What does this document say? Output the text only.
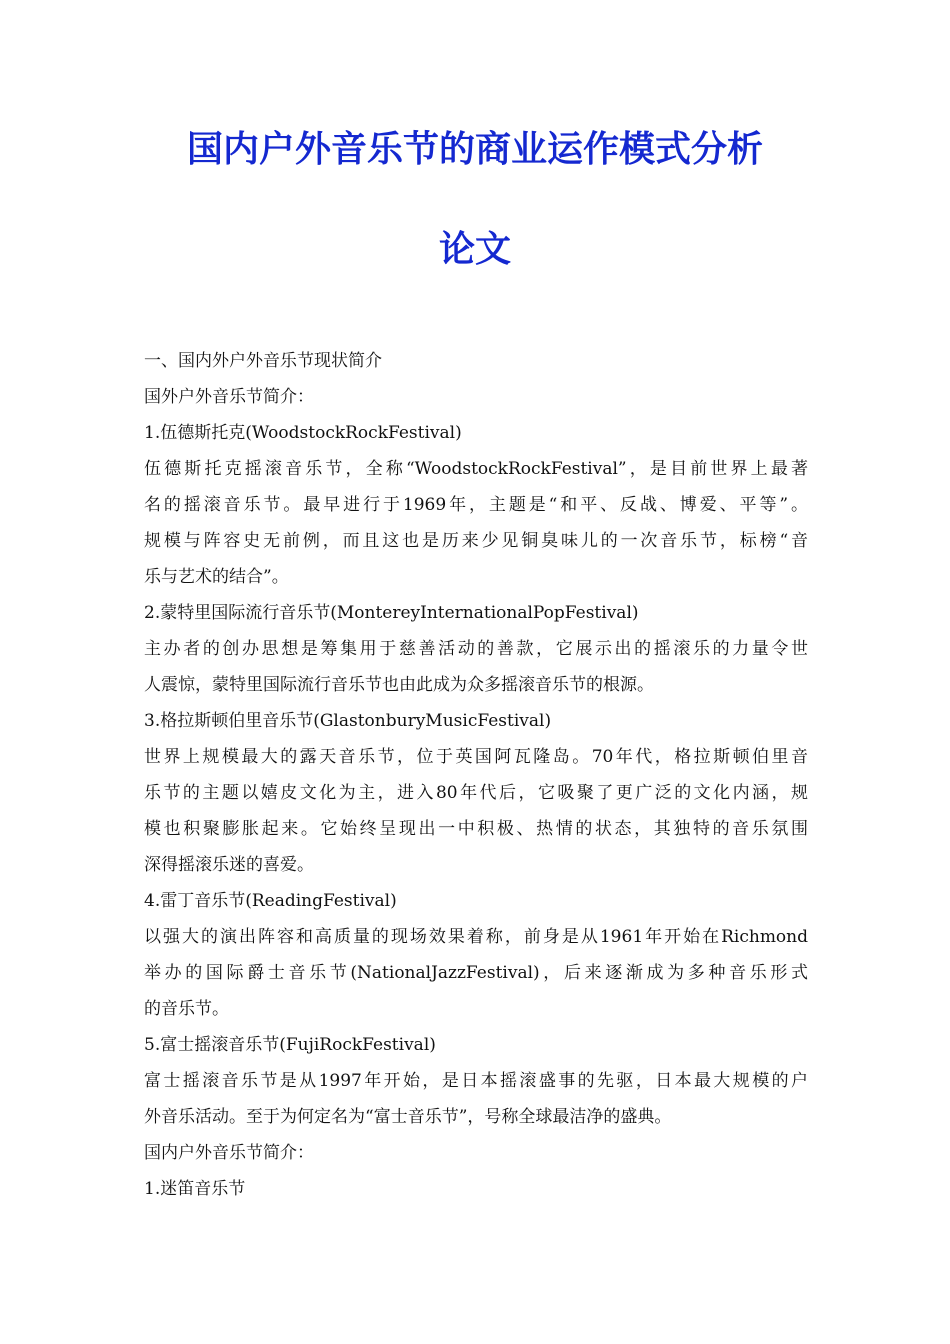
国内户外音乐节的商业运作模式分析
论文
一、国内外户外音乐节现状简介
国外户外音乐节简介：
1.伍德斯托克(WoodstockRockFestival)
伍德斯托克摇滚音乐节，全称“WoodstockRockFestival”，是目前世界上最著
名的摇滚音乐节。最早进行于1969年，主题是“和平、反战、博爱、平等”。
规模与阵容史无前例，而且这也是历来少见铜臭味儿的一次音乐节，标榜“音
乐与艺术的结合”。
2.蒙特里国际流行音乐节(MontereyInternationalPopFestival)
主办者的创办思想是筹集用于慈善活动的善款，它展示出的摇滚乐的力量令世
人震惊，蒙特里国际流行音乐节也由此成为众多摇滚音乐节的根源。
3.格拉斯顿伯里音乐节(GlastonburyMusicFestival)
世界上规模最大的露天音乐节，位于英国阿瓦隆岛。70年代，格拉斯顿伯里音
乐节的主题以嬉皮文化为主，进入80年代后，它吸聚了更广泛的文化内涵，规
模也积聚膨胀起来。它始终呈现出一中积极、热情的状态，其独特的音乐氛围
深得摇滚乐迷的喜爱。
4.雷丁音乐节(ReadingFestival)
以强大的演出阵容和高质量的现场效果着称，前身是从1961年开始在Richmond
举办的国际爵士音乐节(NationalJazzFestival)，后来逐渐成为多种音乐形式
的音乐节。
5.富士摇滚音乐节(FujiRockFestival)
富士摇滚音乐节是从1997年开始，是日本摇滚盛事的先驱，日本最大规模的户
外音乐活动。至于为何定名为“富士音乐节”，号称全球最洁净的盛典。
国内户外音乐节简介：
1.迷笛音乐节
